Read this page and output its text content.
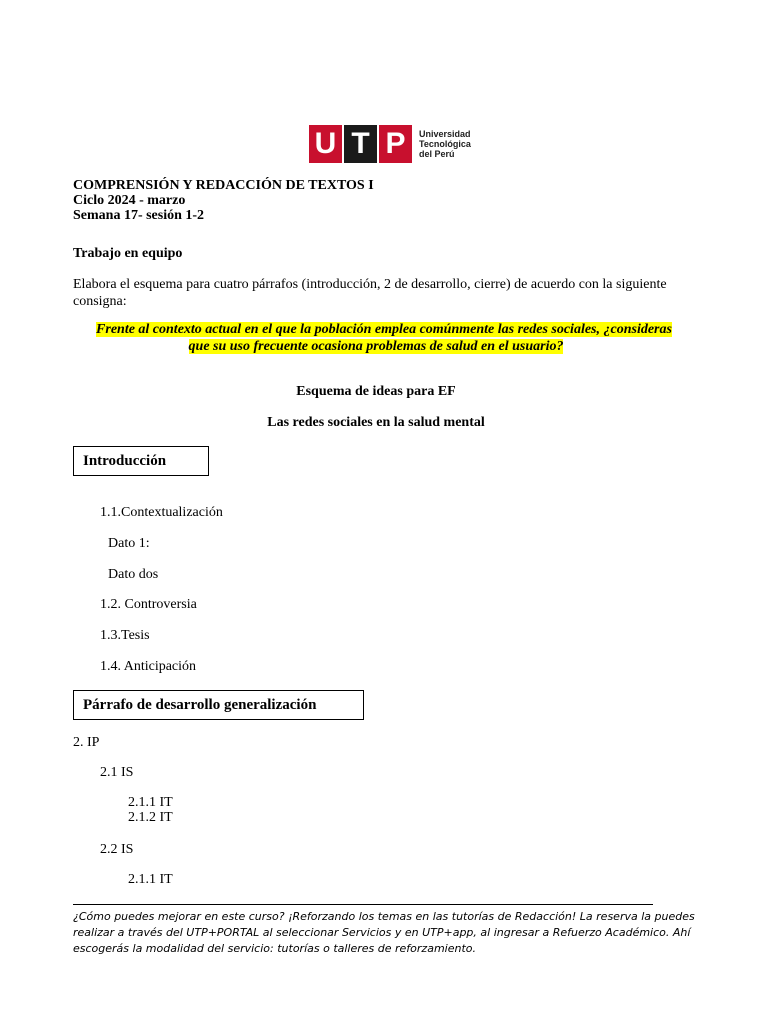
U T P	Universidad
Tecnológica
del Perú
COMPRENSIÓN Y REDACCIÓN DE TEXTOS I
Ciclo 2024 - marzo
Semana 17- sesión 1-2
Trabajo en equipo
Elabora el esquema para cuatro párrafos (introducción, 2 de desarrollo, cierre) de acuerdo con la siguiente
consigna:
Frente al contexto actual en el que la población emplea comúnmente las redes sociales, ¿consideras
que su uso frecuente ocasiona problemas de salud en el usuario?
Esquema de ideas para EF
Las redes sociales en la salud mental
Introducción
1.1.Contextualización
Dato 1:
Dato dos
1.2. Controversia
1.3.Tesis
1.4. Anticipación
Párrafo de desarrollo generalización
2. IP
2.1 IS
2.1.1 IT
2.1.2 IT
2.2 IS
2.1.1 IT
¿Cómo puedes mejorar en este curso? ¡Reforzando los temas en las tutorías de Redacción! La reserva la puedes
realizar a través del UTP+PORTAL al seleccionar Servicios y en UTP+app, al ingresar a Refuerzo Académico. Ahí
escogerás la modalidad del servicio: tutorías o talleres de reforzamiento.
